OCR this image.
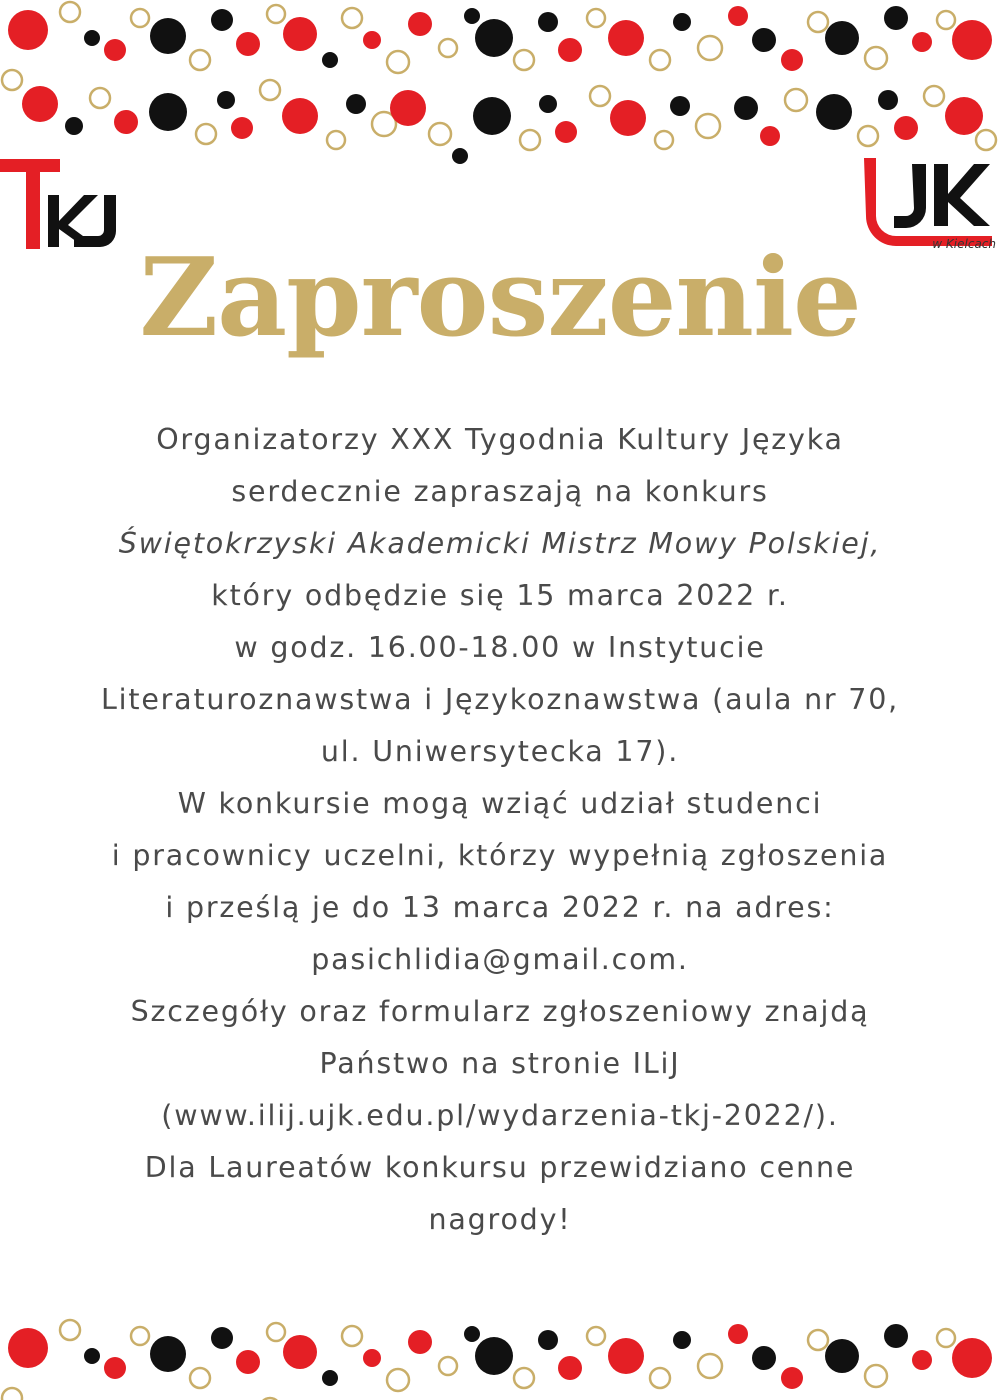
TKJ
w Kielcach
UJK
Zaproszenie
Organizatorzy XXX Tygodnia Kultury Języka
serdecznie zapraszają na konkurs
Świętokrzyski Akademicki Mistrz Mowy Polskiej,
który odbędzie się 15 marca 2022 r.
w godz. 16.00-18.00 w Instytucie
Literaturoznawstwa i Językoznawstwa (aula nr 70,
ul. Uniwersytecka 17).
W konkursie mogą wziąć udział studenci
i pracownicy uczelni, którzy wypełnią zgłoszenia
i prześlą je do 13 marca 2022 r. na adres:
pasichlidia@gmail.com.
Szczegóły oraz formularz zgłoszeniowy znajdą
Państwo na stronie ILiJ
(www.ilij.ujk.edu.pl/wydarzenia-tkj-2022/).
Dla Laureatów konkursu przewidziano cenne
nagrody!
